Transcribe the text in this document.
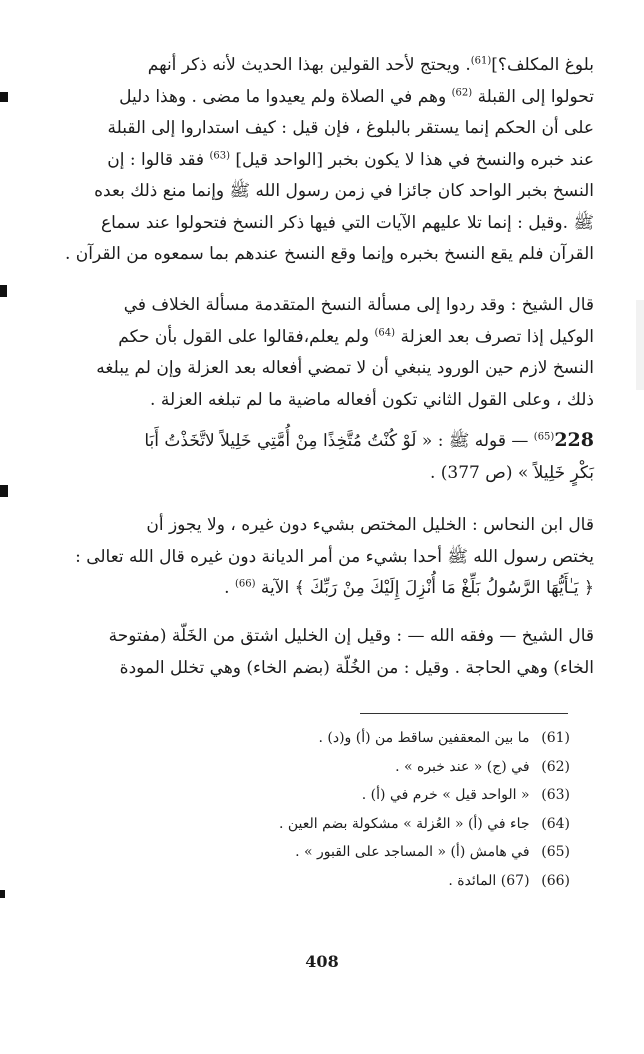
بلوغ المكلف؟]$^{(61)}$. ويحتج لأحد القولين بهذا الحديث لأنه ذكر أنهم

تحولوا إلى القبلة $^{(62)}$ وهم في الصلاة ولم يعيدوا ما مضى . وهذا دليل

على أن الحكم إنما يستقر بالبلوغ ، فإن قيل : كيف استداروا إلى القبلة

عند خبره والنسخ في هذا لا يكون بخبر [الواحد قيل] $^{(63)}$ فقد قالوا : إن

النسخ بخبر الواحد كان جائزا في زمن رسول الله ﷺ وإنما منع ذلك بعده

ﷺ .وقيل : إنما تلا عليهم الآيات التي فيها ذكر النسخ فتحولوا عند سماع

القرآن فلم يقع النسخ بخبره وإنما وقع النسخ عندهم بما سمعوه من القرآن .

قال الشيخ : وقد ردوا إلى مسألة النسخ المتقدمة مسألة الخلاف في

الوكيل إذا تصرف بعد العزلة $^{(64)}$ ولم يعلم،فقالوا على القول بأن حكم

النسخ لازم حين الورود ينبغي أن لا تمضي أفعاله بعد العزلة وإن لم يبلغه

ذلك ، وعلى القول الثاني تكون أفعاله ماضية ما لم تبلغه العزلة .

228$^{(65)}$ — قوله ﷺ : « لَوْ كُنْتُ مُتَّخِذًا مِنْ أُمَّتِي خَلِيلاً لاتَّخَذْتُ أَبَا

بَكْرٍ خَلِيلاً » (ص 377) .

قال ابن النحاس : الخليل المختص بشيء دون غيره ، ولا يجوز أن

يختص رسول الله ﷺ أحدا بشيء من أمر الديانة دون غيره قال الله تعالى :

﴿ يَـٰأَيُّهَا الرَّسُولُ بَلِّغْ مَا أُنْزِلَ إِلَيْكَ مِنْ رَبِّكَ ﴾ الآية $^{(66)}$ .

قال الشيخ — وفقه الله — : وقيل إن الخليل اشتق من الخَلّة (مفتوحة

الخاء) وهي الحاجة . وقيل : من الخُلّة (بضم الخاء) وهي تخلل المودة

(61) ما بين المعقفين ساقط من (أ) و(د) .
(62) في (ج) « عند خبره » .
(63) « الواحد قيل » خرم في (أ) .
(64) جاء في (أ) « العُزلة » مشكولة بضم العين .
(65) في هامش (أ) « المساجد على القبور » .
(66) (67) المائدة .
408
